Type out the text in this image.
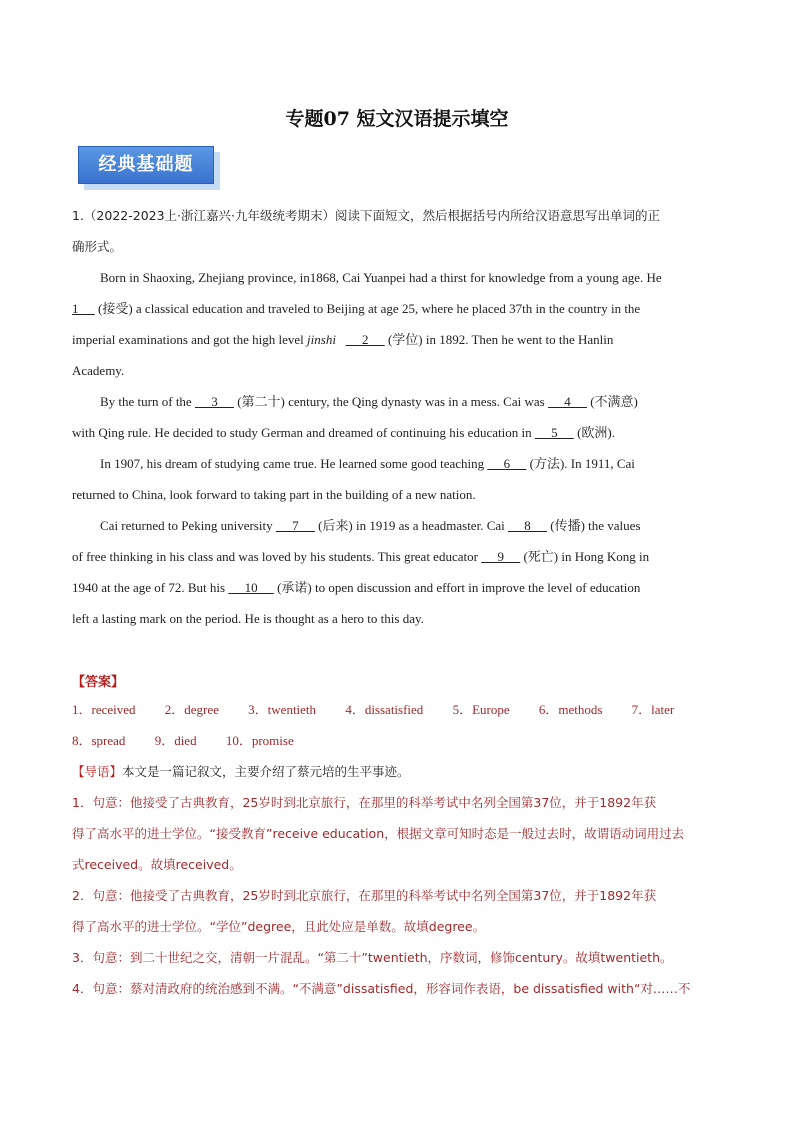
专题07 短文汉语提示填空
经典基础题
1.（2022-2023上·浙江嘉兴·九年级统考期末）阅读下面短文，然后根据括号内所给汉语意思写出单词的正
确形式。
Born in Shaoxing, Zhejiang province, in1868, Cai Yuanpei had a thirst for knowledge from a young age. He
1      (接受) a classical education and traveled to Beijing at age 25, where he placed 37th in the country in the
imperial examinations and got the high level jinshi        2      (学位) in 1892. Then he went to the Hanlin
Academy.
By the turn of the      3      (第二十) century, the Qing dynasty was in a mess. Cai was      4      (不满意)
with Qing rule. He decided to study German and dreamed of continuing his education in      5      (欧洲).
In 1907, his dream of studying came true. He learned some good teaching      6      (方法). In 1911, Cai
returned to China, look forward to taking part in the building of a new nation.
Cai returned to Peking university      7      (后来) in 1919 as a headmaster. Cai      8      (传播) the values
of free thinking in his class and was loved by his students. This great educator      9      (死亡) in Hong Kong in
1940 at the age of 72. But his      10      (承诺) to open discussion and effort in improve the level of education
left a lasting mark on the period. He is thought as a hero to this day.
【答案】
1．received 2．degree 3．twentieth 4．dissatisfied 5．Europe 6．methods 7．later
8．spread 9．died 10．promise
【导语】本文是一篇记叙文，主要介绍了蔡元培的生平事迹。
1．句意：他接受了古典教育，25岁时到北京旅行，在那里的科举考试中名列全国第37位，并于1892年获
得了高水平的进士学位。“接受教育”receive education，根据文章可知时态是一般过去时，故谓语动词用过去
式received。故填received。
2．句意：他接受了古典教育，25岁时到北京旅行，在那里的科举考试中名列全国第37位，并于1892年获
得了高水平的进士学位。“学位”degree，且此处应是单数。故填degree。
3．句意：到二十世纪之交，清朝一片混乱。“第二十”twentieth，序数词，修饰century。故填twentieth。
4．句意：蔡对清政府的统治感到不满。“不满意”dissatisfied，形容词作表语，be dissatisfied with“对……不
